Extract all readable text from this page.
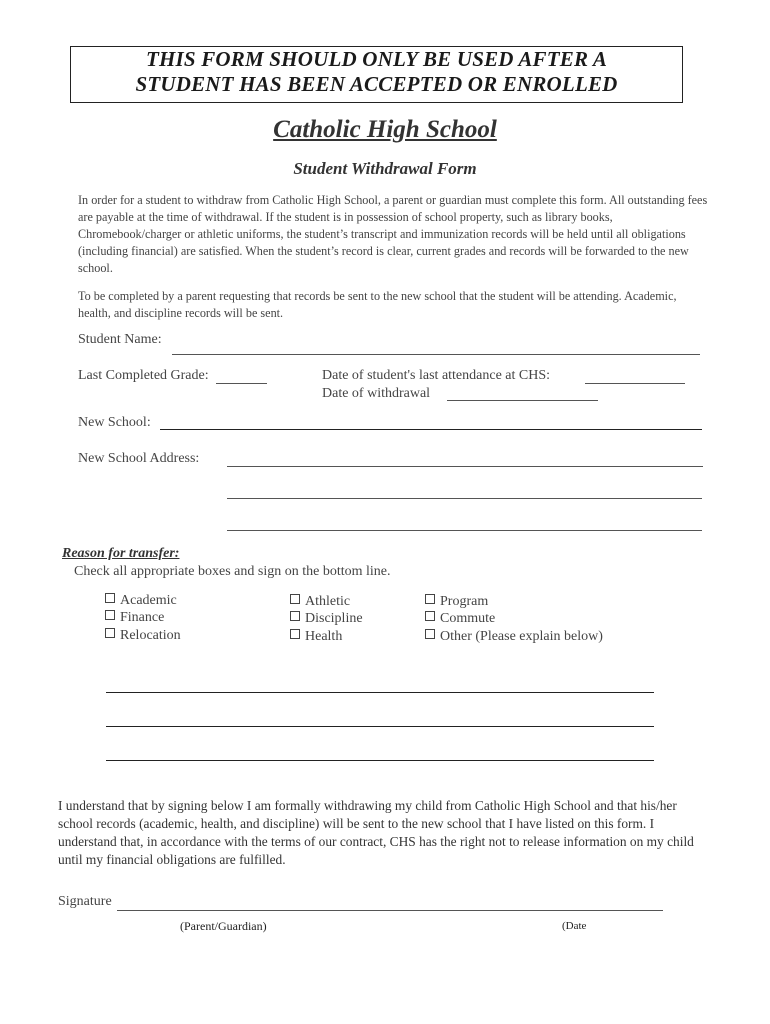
THIS FORM SHOULD ONLY BE USED AFTER A
STUDENT HAS BEEN ACCEPTED OR ENROLLED
Catholic High School
Student Withdrawal Form
In order for a student to withdraw from Catholic High School, a parent or guardian must complete this form. All outstanding fees are payable at the time of withdrawal. If the student is in possession of school property, such as library books, Chromebook/charger or athletic uniforms, the student’s transcript and immunization records will be held until all obligations (including financial) are satisfied. When the student’s record is clear, current grades and records will be forwarded to the new school.
To be completed by a parent requesting that records be sent to the new school that the student will be attending. Academic, health, and discipline records will be sent.
Student Name:
Last Completed Grade:	Date of student's last attendance at CHS:
Date of withdrawal
New School:
New School Address:
Reason for transfer:
Check all appropriate boxes and sign on the bottom line.
Academic
Finance
Relocation
Athletic
Discipline
Health
Program
Commute
Other (Please explain below)
I understand that by signing below I am formally withdrawing my child from Catholic High School and that his/her school records (academic, health, and discipline) will be sent to the new school that I have listed on this form. I understand that, in accordance with the terms of our contract, CHS has the right not to release information on my child until my financial obligations are fulfilled.
Signature
(Parent/Guardian)	(Date
